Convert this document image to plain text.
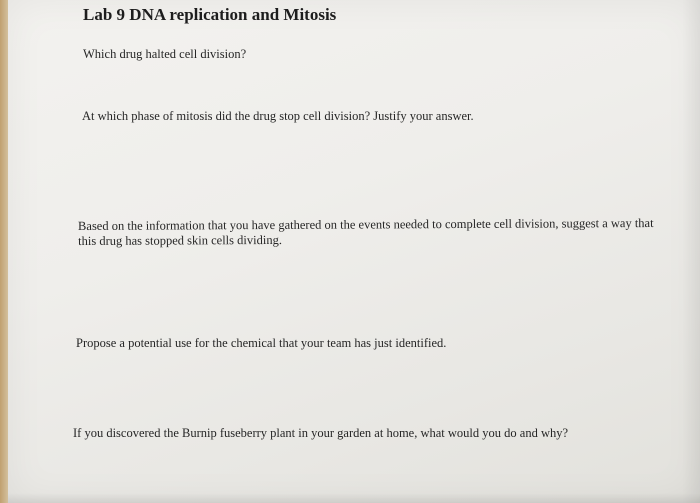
Lab 9 DNA replication and Mitosis
Which drug halted cell division?
At which phase of mitosis did the drug stop cell division? Justify your answer.
Based on the information that you have gathered on the events needed to complete cell division, suggest a way that this drug has stopped skin cells dividing.
Propose a potential use for the chemical that your team has just identified.
If you discovered the Burnip fuseberry plant in your garden at home, what would you do and why?
